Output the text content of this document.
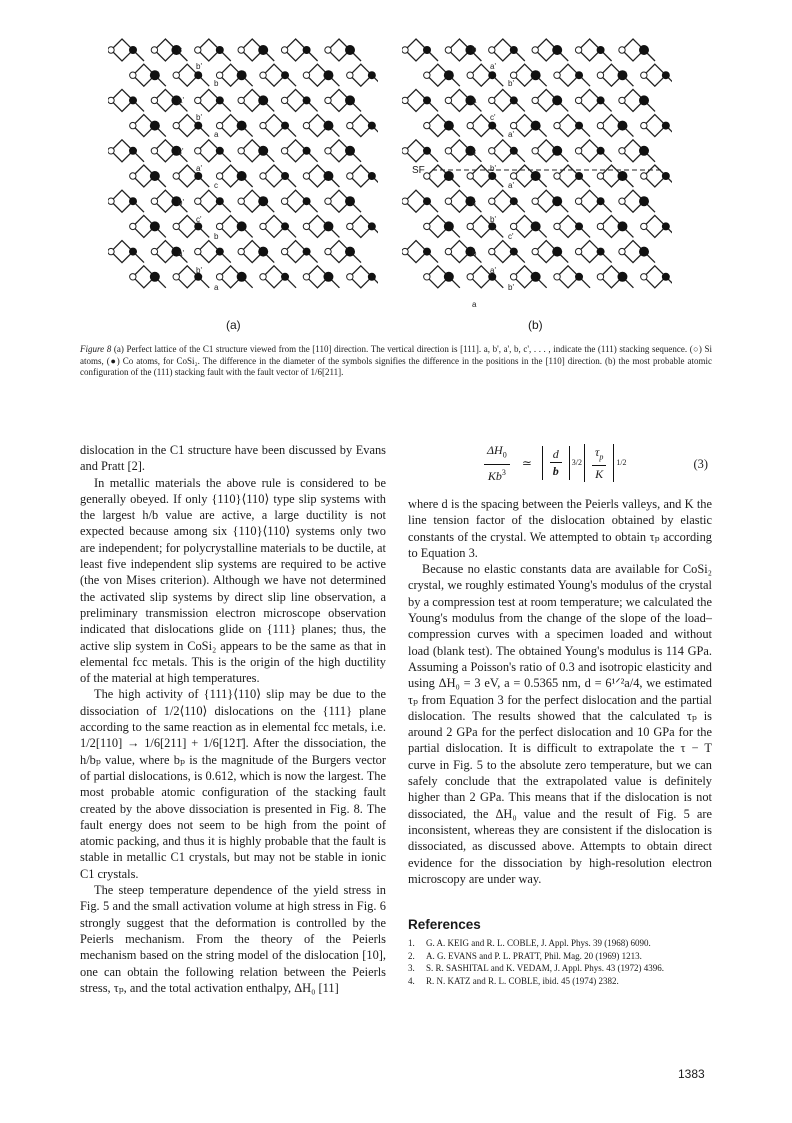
c
b'
b
a'
b'
a
c'
a'
c
b'
c'
b
a'
b'
a
b
a'
b'
a
c'
a'
c
b'
a'
c
b'
c'
b
a'
b'
a
SF
(a)	(b)
Figure 8 (a) Perfect lattice of the C1 structure viewed from the [110] direction. The vertical direction is [111]. a, b', a', b, c', . . . , indicate the (111) stacking sequence. (○) Si atoms, (●) Co atoms, for CoSi₂. The difference in the diameter of the symbols signifies the difference in the positions in the [110] direction. (b) the most probable atomic configuration of the (111) stacking fault with the fault vector of 1/6[211].

dislocation in the C1 structure have been discussed by Evans and Pratt [2].

In metallic materials the above rule is considered to be generally obeyed. If only {110}⟨110⟩ type slip systems with the largest h/b value are active, a large ductility is not expected because among six {110}⟨110⟩ systems only two are independent; for polycrystalline materials to be ductile, at least five independent slip systems are required to be active (the von Mises criterion). Although we have not determined the activated slip systems by direct slip line observation, a preliminary transmission electron microscope observation indicated that dislocations glide on {111} planes; thus, the active slip system in CoSi₂ appears to be the same as that in elemental fcc metals. This is the origin of the high ductility of the material at high temperatures.

The high activity of {111}⟨110⟩ slip may be due to the dissociation of 1/2⟨110⟩ dislocations on the {111} plane according to the same reaction as in elemental fcc metals, i.e. 1/2[110] → 1/6[211] + 1/6[121̄]. After the dissociation, the h/bₚ value, where bₚ is the magnitude of the Burgers vector of partial dislocations, is 0.612, which is now the largest. The most probable atomic configuration of the stacking fault created by the above dissociation is presented in Fig. 8. The fault energy does not seem to be high from the point of atomic packing, and thus it is highly probable that the fault is stable in metallic C1 crystals, but may not be stable in ionic C1 crystals.

The steep temperature dependence of the yield stress in Fig. 5 and the small activation volume at high stress in Fig. 6 strongly suggest that the deformation is controlled by the Peierls mechanism. From the theory of the Peierls mechanism based on the string model of the dislocation [10], one can obtain the following relation between the Peierls stress, τₚ, and the total activation enthalpy, ΔH₀ [11]

$\frac{\Delta H_0}{Kb^3}$ ≃ $\frac{d}{b} 3/2 \frac{\tau_p}{K} 1/2$	(3)

where d is the spacing between the Peierls valleys, and K the line tension factor of the dislocation obtained by elastic constants of the crystal. We attempted to obtain τₚ according to Equation 3.

Because no elastic constants data are available for CoSi₂ crystal, we roughly estimated Young's modulus of the crystal by a compression test at room temperature; we calculated the Young's modulus from the change of the slope of the load–compression curves with a specimen loaded and without load (blank test). The obtained Young's modulus is 114 GPa. Assuming a Poisson's ratio of 0.3 and isotropic elasticity and using ΔH₀ = 3 eV, a = 0.5365 nm, d = 6¹ᐟ²a/4, we estimated τₚ from Equation 3 for the perfect dislocation and the partial dislocation. The results showed that the calculated τₚ is around 2 GPa for the perfect dislocation and 10 GPa for the partial dislocation. It is difficult to extrapolate the τ − T curve in Fig. 5 to the absolute zero temperature, but we can safely conclude that the extrapolated value is definitely higher than 2 GPa. This means that if the dislocation is not dissociated, the ΔH₀ value and the result of Fig. 5 are inconsistent, whereas they are consistent if the dislocation is dissociated, as discussed above. Attempts to obtain direct evidence for the dissociation by high-resolution electron microscopy are under way.

References
1.	G. A. KEIG and R. L. COBLE, J. Appl. Phys. 39 (1968) 6090.
2.	A. G. EVANS and P. L. PRATT, Phil. Mag. 20 (1969) 1213.
3.	S. R. SASHITAL and K. VEDAM, J. Appl. Phys. 43 (1972) 4396.
4.	R. N. KATZ and R. L. COBLE, ibid. 45 (1974) 2382.
1383
